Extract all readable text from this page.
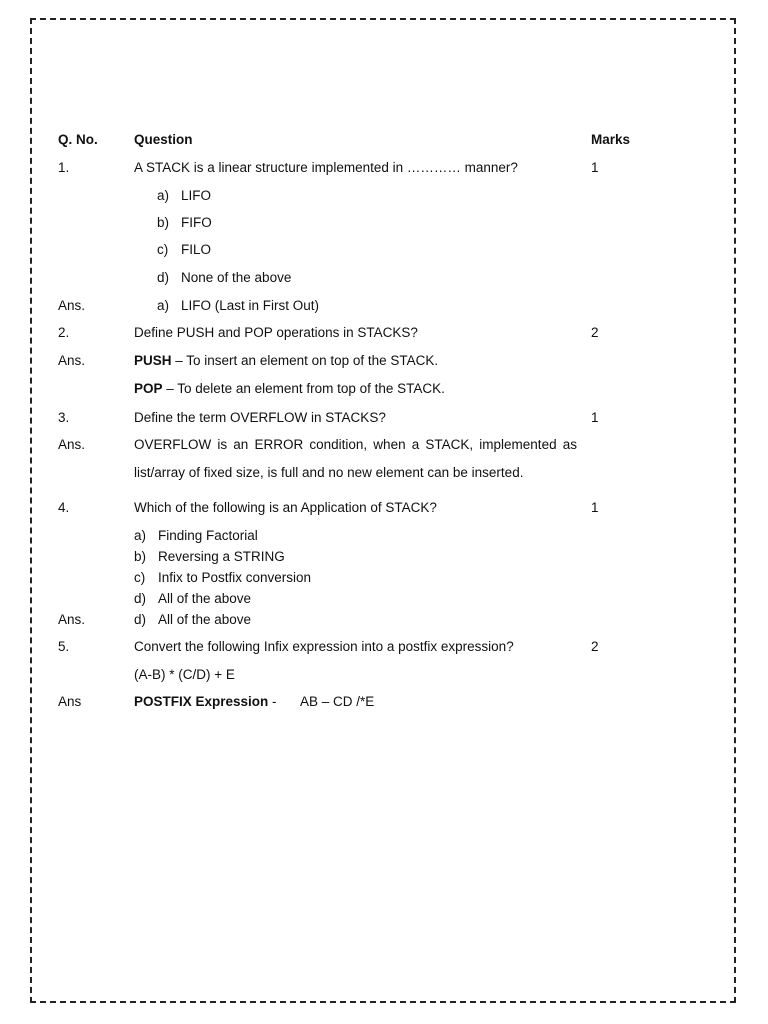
Q. No.	Question	Marks
1.	A STACK is a linear structure implemented in ………… manner?	1
a) LIFO
b) FIFO
c) FILO
d) None of the above
Ans.	a) LIFO (Last in First Out)
2.	Define PUSH and POP operations in STACKS?	2
Ans.	PUSH – To insert an element on top of the STACK.
POP – To delete an element from top of the STACK.
3.	Define the term OVERFLOW in STACKS?	1
Ans.	OVERFLOW is an ERROR condition, when a STACK, implemented as
list/array of fixed size, is full and no new element can be inserted.
4.	Which of the following is an Application of STACK?	1
a) Finding Factorial
b) Reversing a STRING
c) Infix to Postfix conversion
d) All of the above
Ans.	d) All of the above
5.	Convert the following Infix expression into a postfix expression?	2
(A-B) * (C/D) + E
Ans	POSTFIX Expression - AB – CD /*E
